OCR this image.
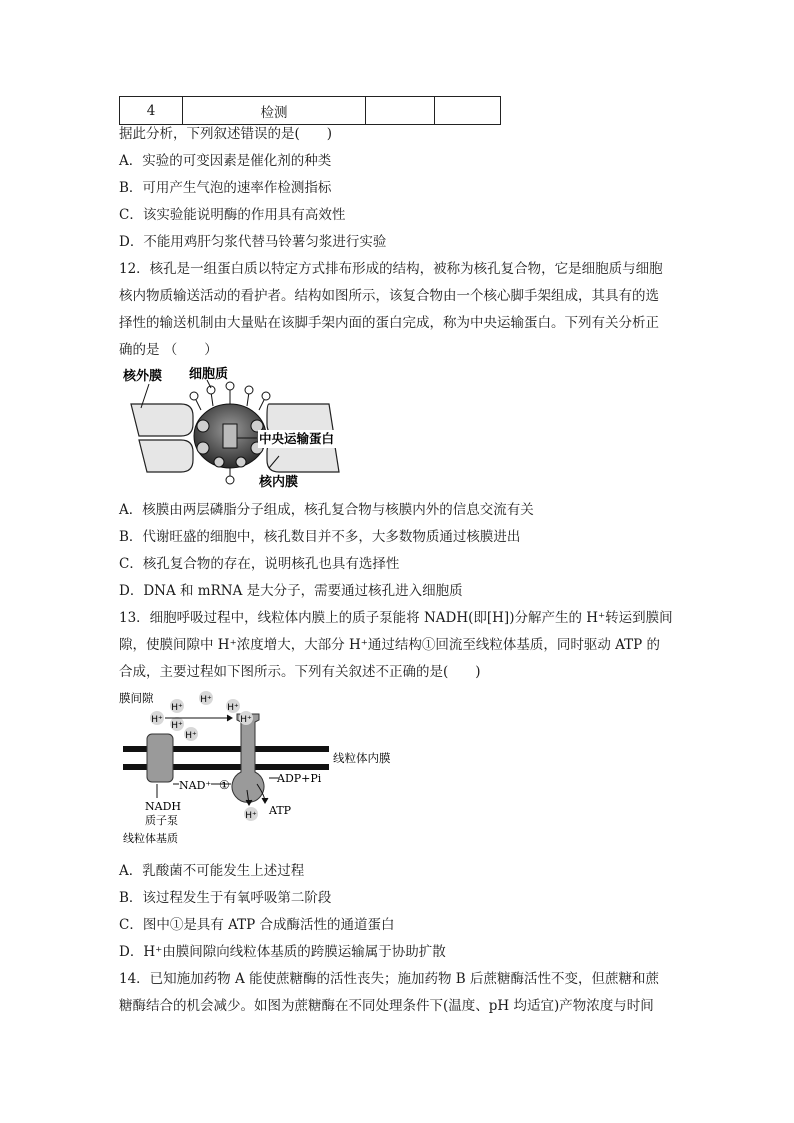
4	检测		
据此分析，下列叙述错误的是(　　)
A．实验的可变因素是催化剂的种类
B．可用产生气泡的速率作检测指标
C．该实验能说明酶的作用具有高效性
D．不能用鸡肝匀浆代替马铃薯匀浆进行实验
12．核孔是一组蛋白质以特定方式排布形成的结构，被称为核孔复合物，它是细胞质与细胞
核内物质输送活动的看护者。结构如图所示，该复合物由一个核心脚手架组成，其具有的选
择性的输送机制由大量贴在该脚手架内面的蛋白完成，称为中央运输蛋白。下列有关分析正
确的是 （　　）
核外膜 细胞质
中央运输蛋白
核内膜
A．核膜由两层磷脂分子组成，核孔复合物与核膜内外的信息交流有关
B．代谢旺盛的细胞中，核孔数目并不多，大多数物质通过核膜进出
C．核孔复合物的存在，说明核孔也具有选择性
D．DNA 和 mRNA 是大分子，需要通过核孔进入细胞质
13．细胞呼吸过程中，线粒体内膜上的质子泵能将 NADH(即[H])分解产生的 H⁺转运到膜间
隙，使膜间隙中 H⁺浓度增大，大部分 H⁺通过结构①回流至线粒体基质，同时驱动 ATP 的
合成，主要过程如下图所示。下列有关叙述不正确的是(　　)
H⁺
H⁺
H⁺
H⁺
H⁺
H⁺
H⁺
H⁺
膜间隙
线粒体内膜
NAD⁺ ①	ADP+Pi
ATP
NADH
质子泵
线粒体基质
A．乳酸菌不可能发生上述过程
B．该过程发生于有氧呼吸第二阶段
C．图中①是具有 ATP 合成酶活性的通道蛋白
D．H⁺由膜间隙向线粒体基质的跨膜运输属于协助扩散
14．已知施加药物 A 能使蔗糖酶的活性丧失；施加药物 B 后蔗糖酶活性不变，但蔗糖和蔗
糖酶结合的机会减少。如图为蔗糖酶在不同处理条件下(温度、pH 均适宜)产物浓度与时间
